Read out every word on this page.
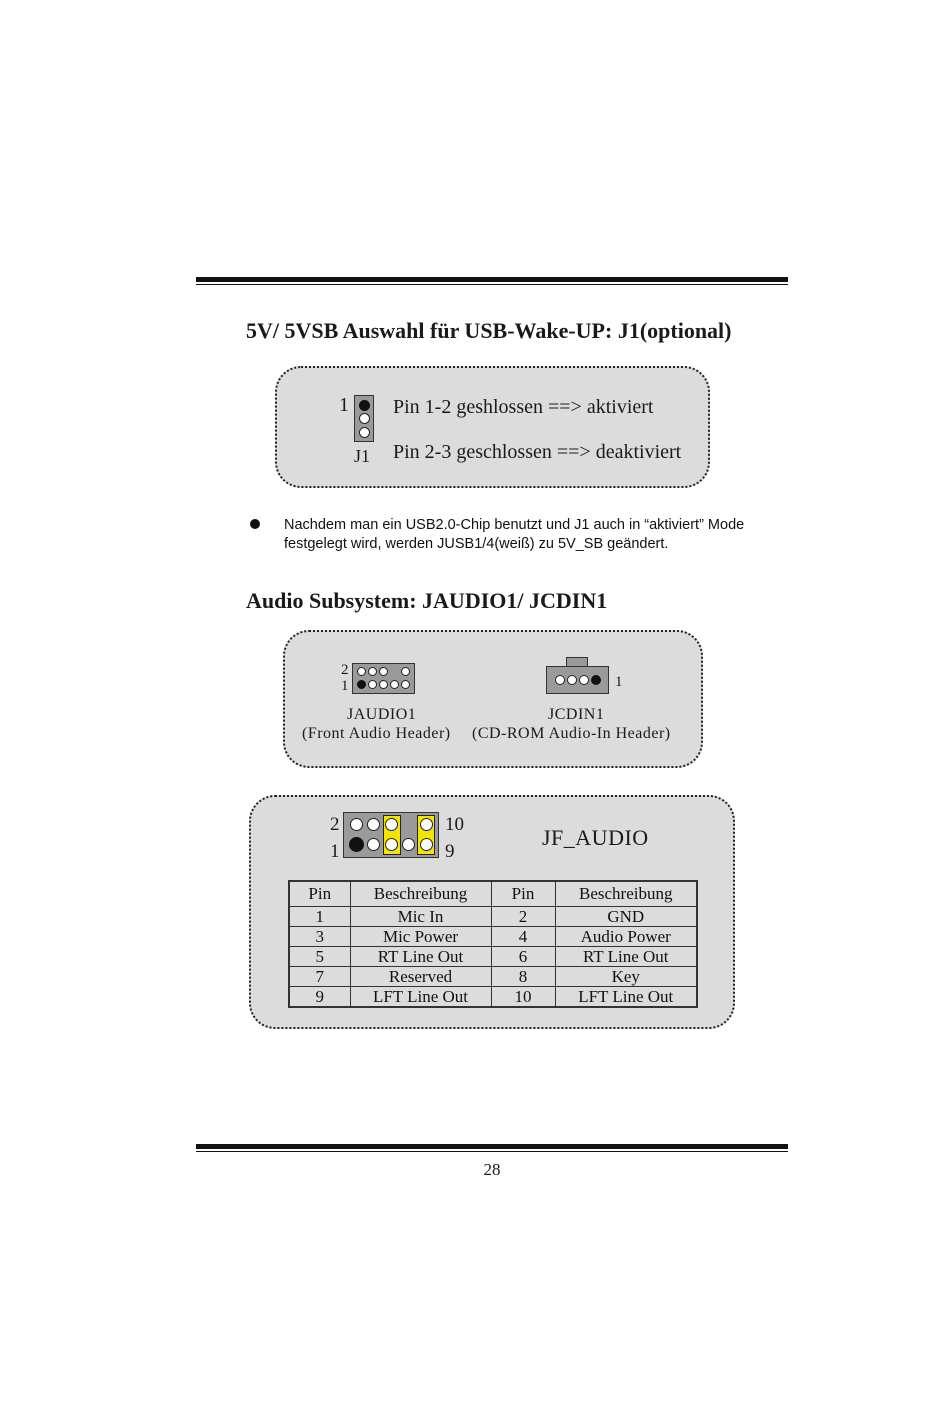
5V/ 5VSB Auswahl für USB-Wake-UP: J1(optional)
1
J1
Pin 1-2 geshlossen ==> aktiviert
Pin 2-3 geschlossen ==> deaktiviert
Nachdem man ein USB2.0-Chip benutzt und J1 auch in “aktiviert” Mode festgelegt wird, werden JUSB1/4(weiß) zu 5V_SB geändert.
Audio Subsystem: JAUDIO1/ JCDIN1
2
1
JAUDIO1
(Front Audio Header)
1
JCDIN1
(CD-ROM Audio-In Header)
2
1
10
9
JF_AUDIO
Pin	Beschreibung	Pin	Beschreibung
1	Mic In	2	GND
3	Mic Power	4	Audio Power
5	RT Line Out	6	RT Line Out
7	Reserved	8	Key
9	LFT Line Out	10	LFT Line Out
28
